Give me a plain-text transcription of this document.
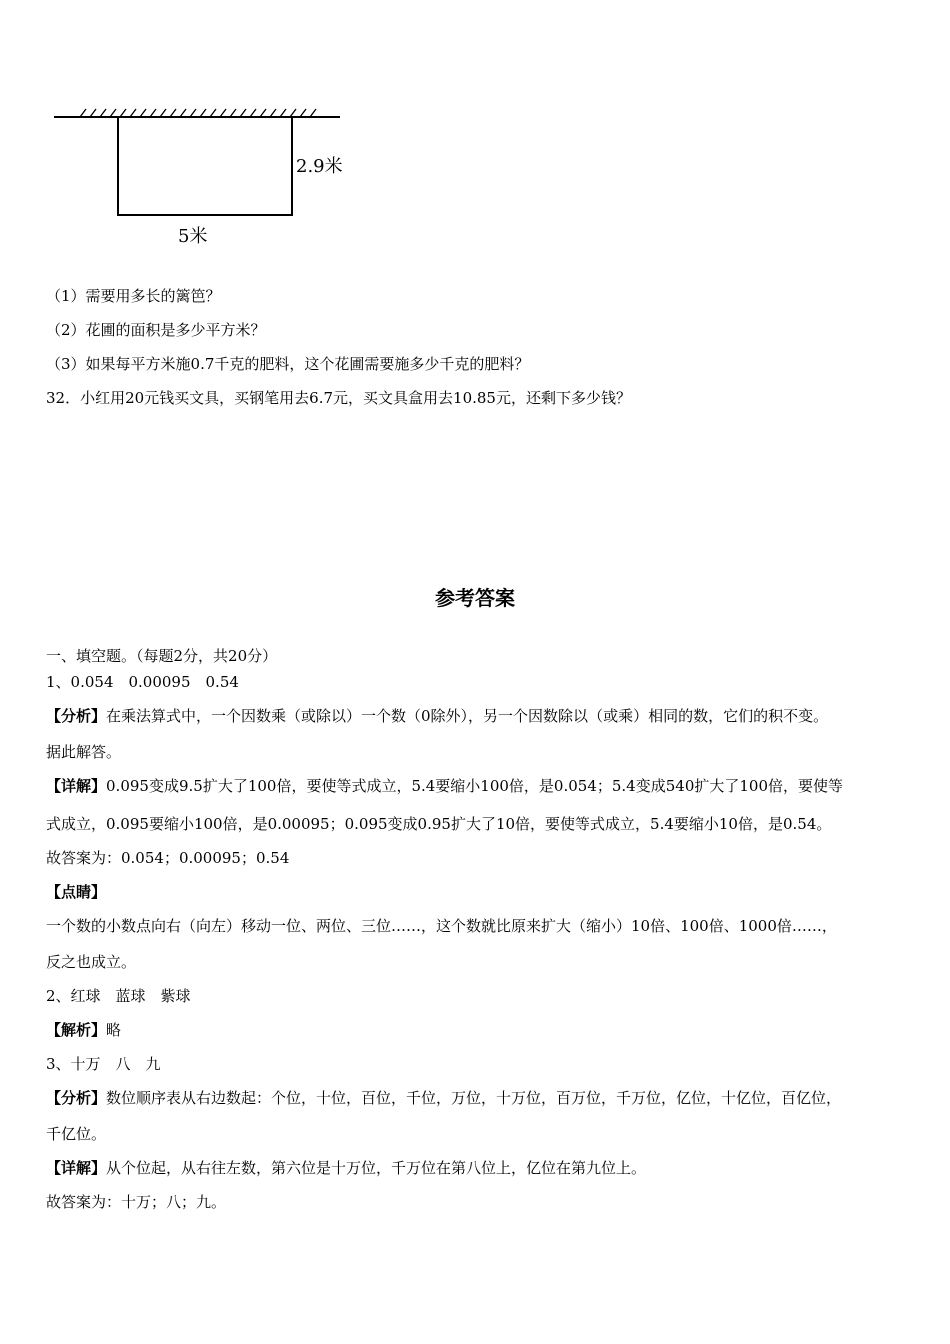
2.9米
5米
（1）需要用多长的篱笆？
（2）花圃的面积是多少平方米？
（3）如果每平方米施0.7千克的肥料，这个花圃需要施多少千克的肥料？
32．小红用20元钱买文具，买钢笔用去6.7元，买文具盒用去10.85元，还剩下多少钱？
参考答案
一、填空题。（每题2分，共20分）
1、0.054　0.00095　0.54
【分析】在乘法算式中，一个因数乘（或除以）一个数（0除外），另一个因数除以（或乘）相同的数，它们的积不变。
据此解答。
【详解】0.095变成9.5扩大了100倍，要使等式成立，5.4要缩小100倍，是0.054；5.4变成540扩大了100倍，要使等
式成立，0.095要缩小100倍，是0.00095；0.095变成0.95扩大了10倍，要使等式成立，5.4要缩小10倍，是0.54。
故答案为：0.054；0.00095；0.54
【点睛】
一个数的小数点向右（向左）移动一位、两位、三位……，这个数就比原来扩大（缩小）10倍、100倍、1000倍……，
反之也成立。
2、红球　蓝球　紫球
【解析】略
3、十万　八　九
【分析】数位顺序表从右边数起：个位，十位，百位，千位，万位，十万位，百万位，千万位，亿位，十亿位，百亿位，
千亿位。
【详解】从个位起，从右往左数，第六位是十万位，千万位在第八位上，亿位在第九位上。
故答案为：十万；八；九。
